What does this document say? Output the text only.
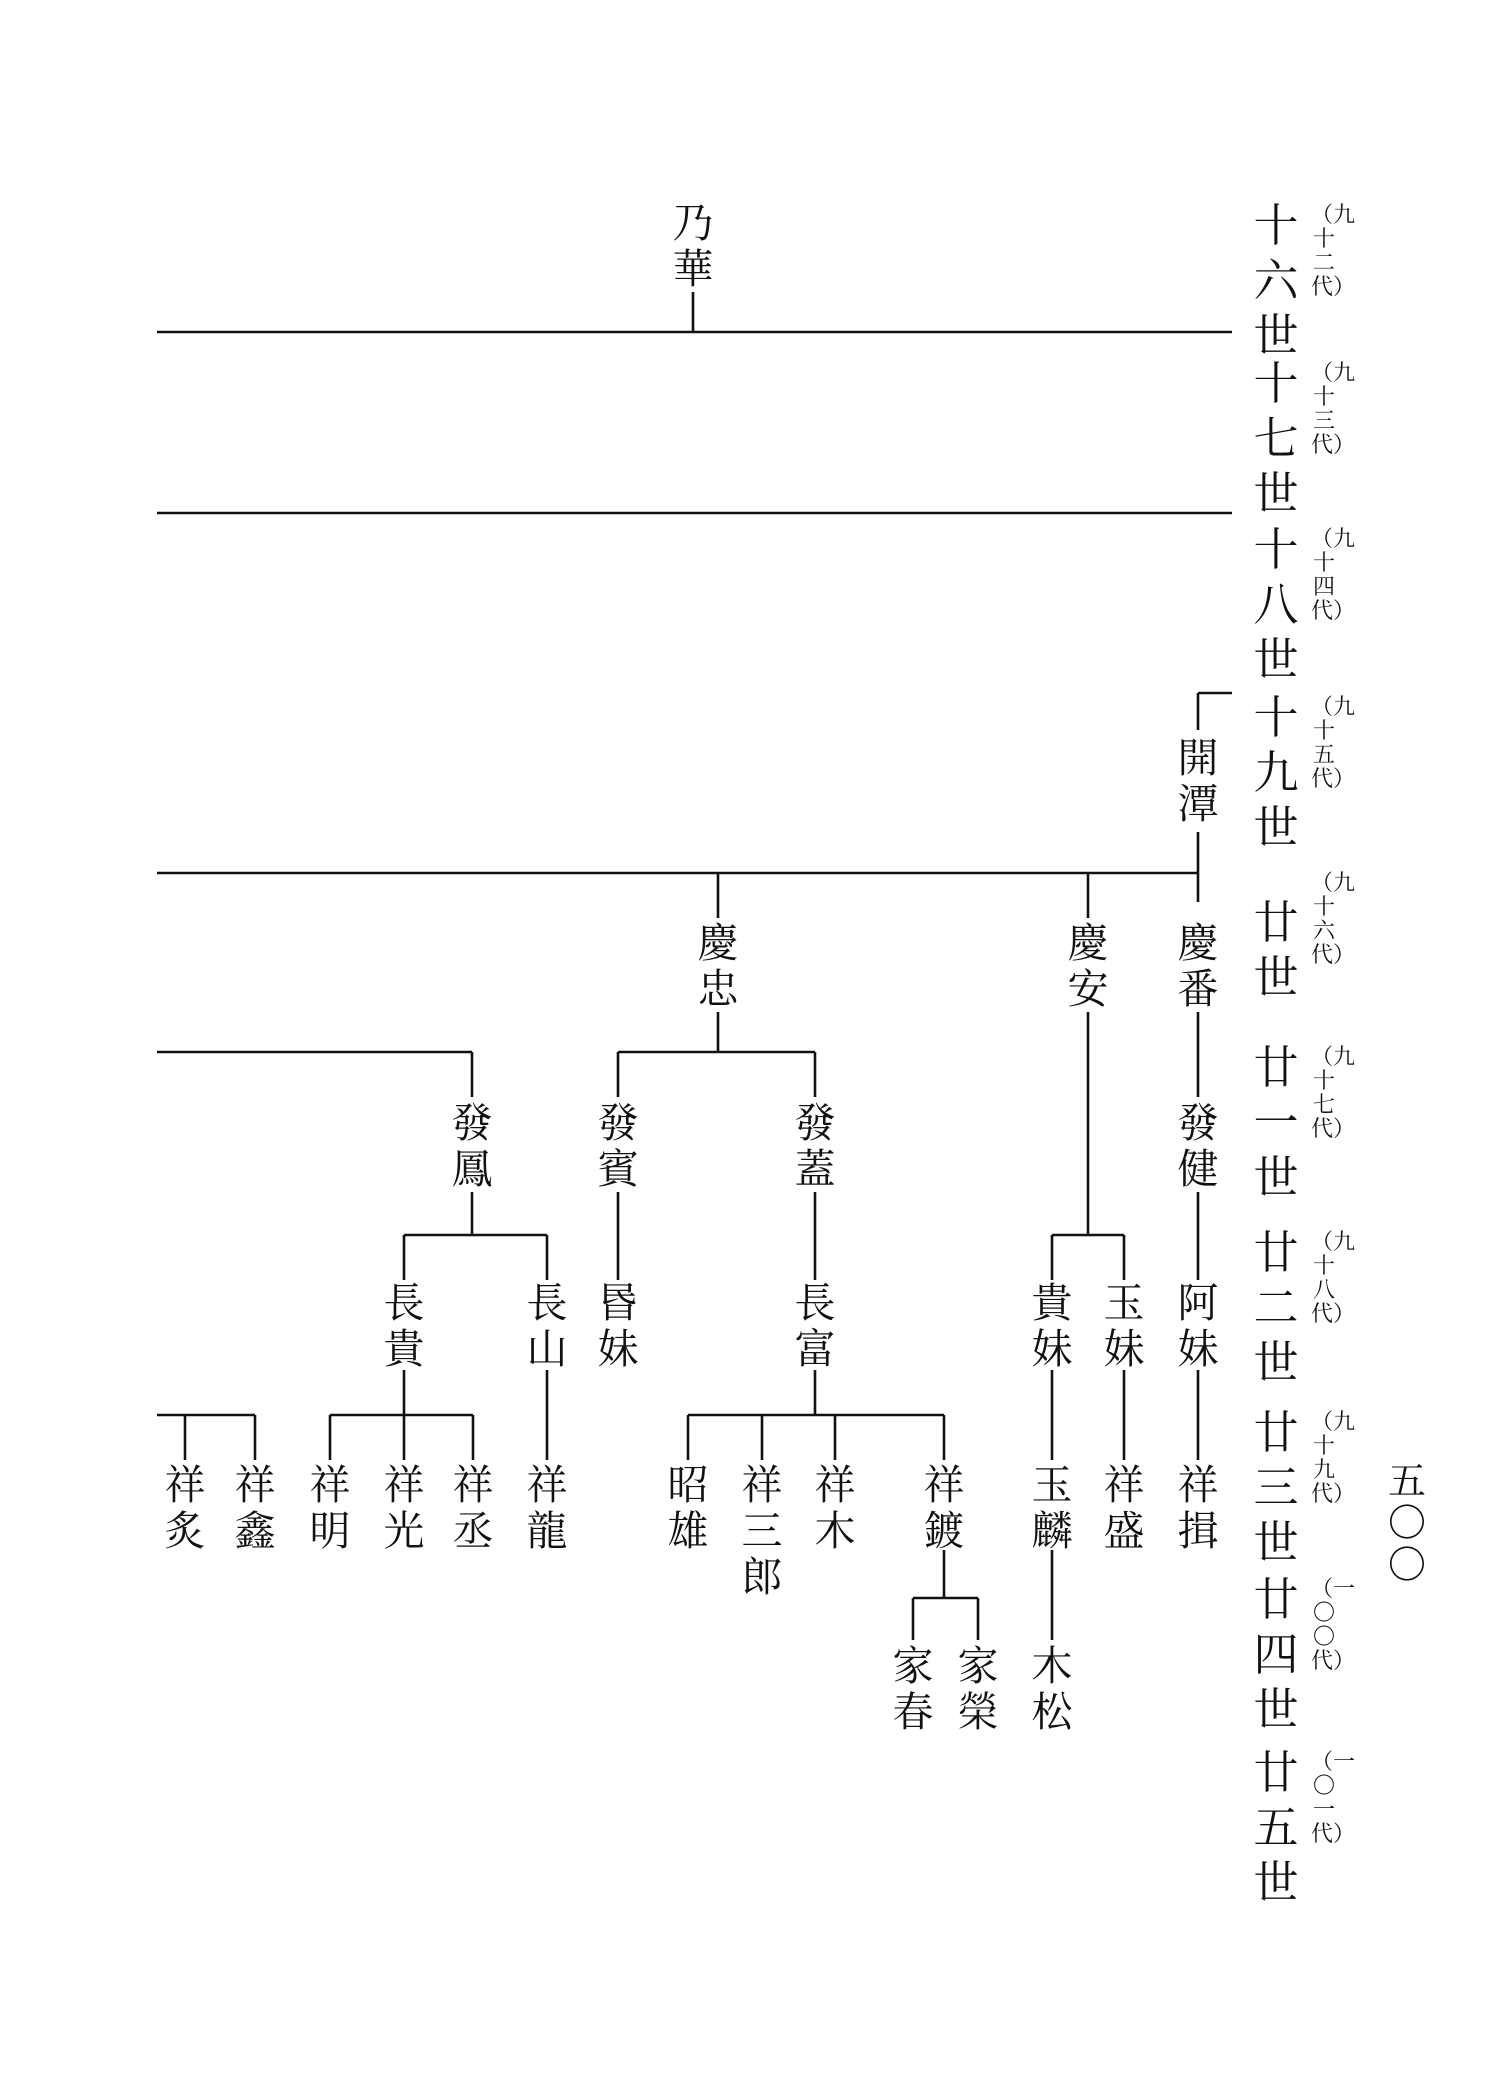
十
六
世
（九
十
二
代）
十
七
世
（九
十
三
代）
十
八
世
（九
十
四
代）
十
九
世
（九
十
五
代）
廿
世
（九
十
六
代）
廿
一
世
（九
十
七
代）
廿
二
世
（九
十
八
代）
廿
三
世
（九
十
九
代）
廿
四
世
（一
〇
〇
代）
廿
五
世
（一
〇
一
代）
乃
華
開
潭
慶
忠
慶
安
慶
番
發
鳳
發
賓
發
蓋
發
健
長
貴
長
山
昬
妹
長
富
貴
妹
玉
妹
阿
妹
祥
炙
祥
鑫
祥
明
祥
光
祥
丞
祥
龍
昭
雄
祥
三
郎
祥
木
祥
鍍
玉
麟
祥
盛
祥
揖
家
春
家
榮
木
松
五
〇
〇
